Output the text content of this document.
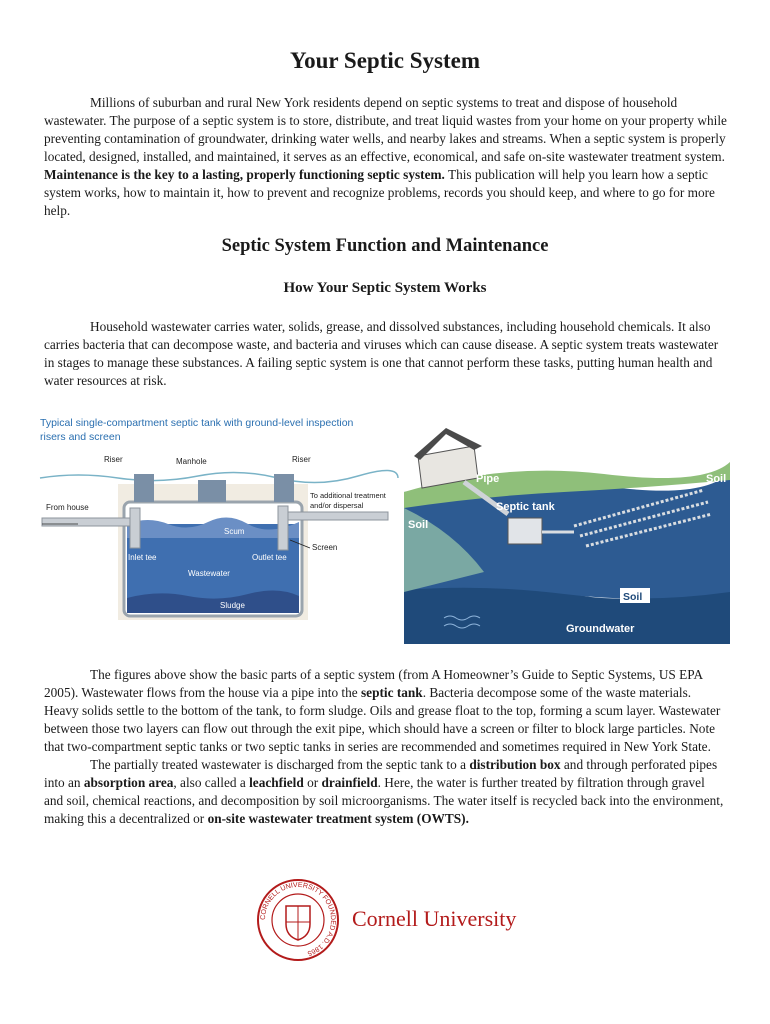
Your Septic System

Millions of suburban and rural New York residents depend on septic systems to treat and dispose of household wastewater. The purpose of a septic system is to store, distribute, and treat liquid wastes from your home on your property while preventing contamination of groundwater, drinking water wells, and nearby lakes and streams. When a septic system is properly located, designed, installed, and maintained, it serves as an effective, economical, and safe on-site wastewater treatment system. Maintenance is the key to a lasting, properly functioning septic system. This publication will help you learn how a septic system works, how to maintain it, how to prevent and recognize problems, records you should keep, and where to go for more help.

Septic System Function and Maintenance
How Your Septic System Works

Household wastewater carries water, solids, grease, and dissolved substances, including household chemicals. It also carries bacteria that can decompose waste, and bacteria and viruses which can cause disease. A septic system treats wastewater in stages to manage these substances. A failing septic system is one that cannot perform these tasks, putting human health and water resources at risk.

Typical single-compartment septic tank with ground-level inspection
risers and screen
Riser	Manhole	Riser
From house
To additional treatment
and/or dispersal
Scum
Screen
Inlet tee	Outlet tee
Wastewater
Sludge
Pipe
Septic tank
Drainfield
Soil
Soil
Soil
Groundwater

The figures above show the basic parts of a septic system (from A Homeowner’s Guide to Septic Systems, US EPA 2005). Wastewater flows from the house via a pipe into the septic tank. Bacteria decompose some of the waste materials. Heavy solids settle to the bottom of the tank, to form sludge. Oils and grease float to the top, forming a scum layer. Wastewater between those two layers can flow out through the exit pipe, which should have a screen or filter to block large particles. Note that two-compartment septic tanks or two septic tanks in series are recommended and sometimes required in New York State.
The partially treated wastewater is discharged from the septic tank to a distribution box and through perforated pipes into an absorption area, also called a leachfield or drainfield. Here, the water is further treated by filtration through gravel and soil, chemical reactions, and decomposition by soil microorganisms. The water itself is recycled back into the environment, making this a decentralized or on-site wastewater treatment system (OWTS).

CORNELL UNIVERSITY FOUNDED A.D. 1865
Cornell University
